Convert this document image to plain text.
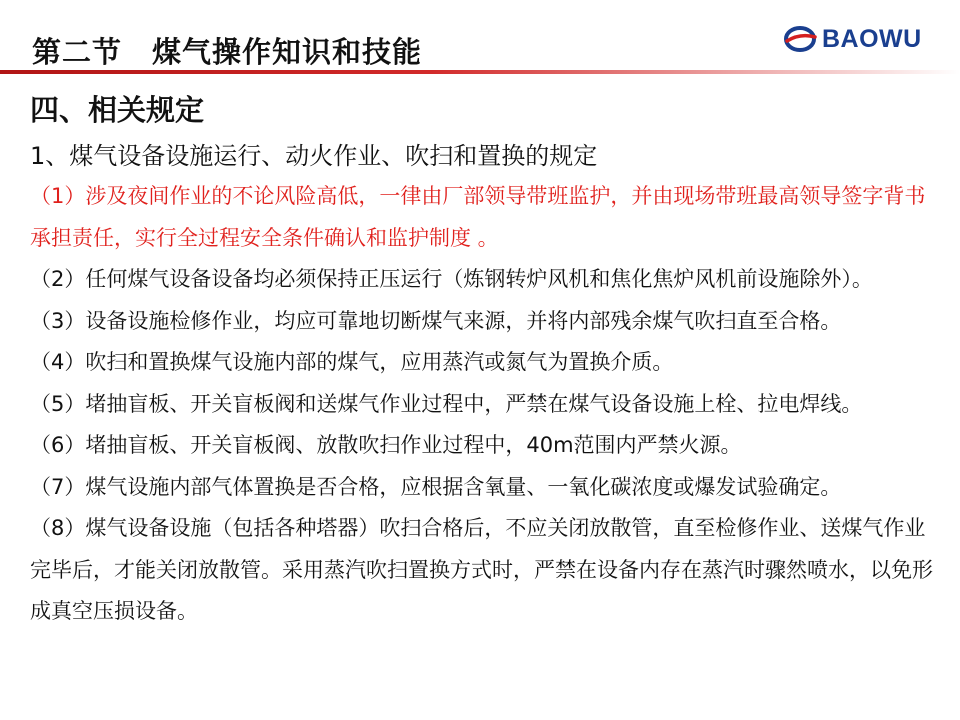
第二节　煤气操作知识和技能	BAOWU
四、相关规定
1、煤气设备设施运行、动火作业、吹扫和置换的规定

（1）涉及夜间作业的不论风险高低，一律由厂部领导带班监护，并由现场带班最高领导签字背书承担责任，实行全过程安全条件确认和监护制度 。

（2）任何煤气设备设备均必须保持正压运行（炼钢转炉风机和焦化焦炉风机前设施除外）。

（3）设备设施检修作业，均应可靠地切断煤气来源，并将内部残余煤气吹扫直至合格。

（4）吹扫和置换煤气设施内部的煤气，应用蒸汽或氮气为置换介质。

（5）堵抽盲板、开关盲板阀和送煤气作业过程中，严禁在煤气设备设施上栓、拉电焊线。

（6）堵抽盲板、开关盲板阀、放散吹扫作业过程中，40m范围内严禁火源。

（7）煤气设施内部气体置换是否合格，应根据含氧量、一氧化碳浓度或爆发试验确定。

（8）煤气设备设施（包括各种塔器）吹扫合格后，不应关闭放散管，直至检修作业、送煤气作业完毕后，才能关闭放散管。采用蒸汽吹扫置换方式时，严禁在设备内存在蒸汽时骤然喷水，以免形成真空压损设备。
